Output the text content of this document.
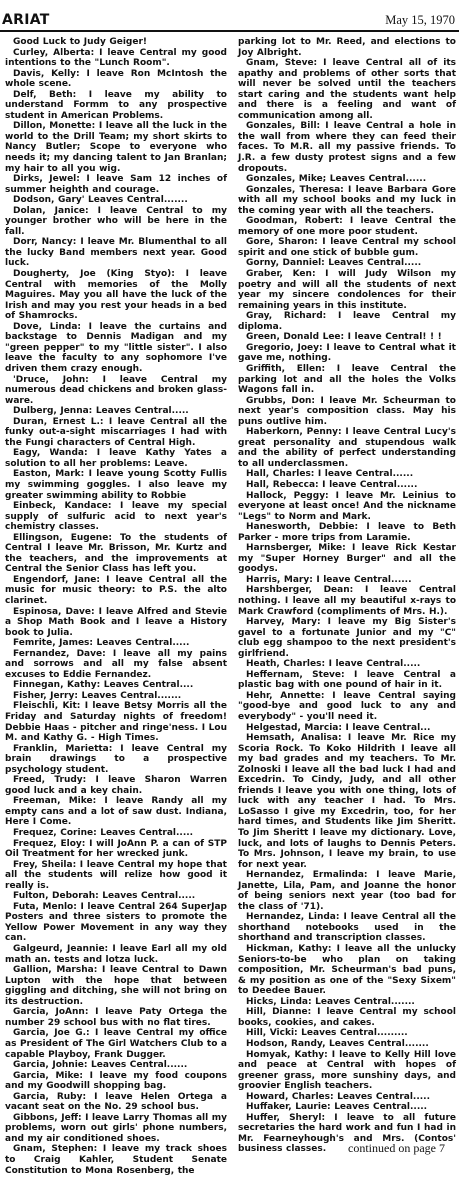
ARIAT	May 15, 1970

Good Luck to Judy Geiger!

Curley, Alberta: I leave Central my good intentions to the "Lunch Room".

Davis, Kelly: I leave Ron McIntosh the whole scene.

Delf, Beth: I leave my ability to understand Formm to any prospective student in American Problems.

Dillon, Monette: I leave all the luck in the world to the Drill Team; my short skirts to Nancy Butler; Scope to everyone who needs it; my dancing talent to Jan Branlan; my hair to all you wig.

Dirks, Jewel: I leave Sam 12 inches of summer heighth and courage.

Dodson, Gary' Leaves Central.......

Dolan, Janice: I leave Central to my younger brother who will be here in the fall.

Dorr, Nancy: I leave Mr. Blumenthal to all the lucky Band members next year. Good luck.

Dougherty, Joe (King Styo): I leave Central with memories of the Molly Maguires. May you all have the luck of the Irish and may you rest your heads in a bed of Shamrocks.

Dove, Linda: I leave the curtains and backstage to Dennis Madigan and my "green pepper" to my "little sister". I also leave the faculty to any sophomore I've driven them crazy enough.

'Druce, John: I leave Central my numerous dead chickens and broken glass-ware.

Dulberg, Jenna: Leaves Central.....

Duran, Ernest L.: I leave Central all the funky out-a-sight miscarriages I had with the Fungi characters of Central High.

Eagy, Wanda: I leave Kathy Yates a solution to all her problems: Leave.

Easton, Mark: I leave young Scotty Fullis my swimming goggles. I also leave my greater swimming ability to Robbie

Einbeck, Kandace: I leave my special supply of sulfuric acid to next year's chemistry classes.

Ellingson, Eugene: To the students of Central I leave Mr. Brisson, Mr. Kurtz and the teachers, and the improvements at Central the Senior Class has left you.

Engendorf, Jane: I leave Central all the music for music theory: to P.S. the alto clarinet.

Espinosa, Dave: I leave Alfred and Stevie a Shop Math Book and I leave a History book to Julia.

Femrite, James: Leaves Central.....

Fernandez, Dave: I leave all my pains and sorrows and all my false absent excuses to Eddie Fernandez.

Finnegan, Kathy: Leaves Central....

Fisher, Jerry: Leaves Central.......

Fleischli, Kit: I leave Betsy Morris all the Friday and Saturday nights of freedom! Debbie Haas - pitcher and ringe'ness. I Lou M. and Kathy G. - High Times.

Franklin, Marietta: I leave Central my brain drawings to a prospective psychology student.

Freed, Trudy: I leave Sharon Warren good luck and a key chain.

Freeman, Mike: I leave Randy all my empty cans and a lot of saw dust. Indiana, Here I Come.

Frequez, Corine: Leaves Central.....

Frequez, Eloy: I will JoAnn P. a can of STP Oil Treatment for her wrecked junk.

Frey, Sheila: I leave Central my hope that all the students will relize how good it really is.

Fulton, Deborah: Leaves Central.....

Futa, Menlo: I leave Central 264 SuperJap Posters and three sisters to promote the Yellow Power Movement in any way they can.

Galgeurd, Jeannie: I leave Earl all my old math an. tests and lotza luck.

Gallion, Marsha: I leave Central to Dawn Lupton with the hope that between giggling and ditching, she will not bring on its destruction.

Garcia, JoAnn: I leave Paty Ortega the number 29 school bus with no flat tires.

Garcia, Joe G.: I leave Central my office as President of The Girl Watchers Club to a capable Playboy, Frank Dugger.

Garcia, Johnie: Leaves Central......

Garcia, Mike: I leave my food coupons and my Goodwill shopping bag.

Garcia, Ruby: I leave Helen Ortega a vacant seat on the No. 29 school bus.

Gibbons, Jeff: I leave Larry Thomas all my problems, worn out girls' phone numbers, and my air conditioned shoes.

Gnam, Stephen: I leave my track shoes to Craig Kahler, Student Senate Constitution to Mona Rosenberg, the

parking lot to Mr. Reed, and elections to Joy Albright.

Gnam, Steve: I leave Central all of its apathy and problems of other sorts that will never be solved until the teachers start caring and the students want help and there is a feeling and want of communication among all.

Gonzales, Bill: I leave Central a hole in the wall from where they can feed their faces. To M.R. all my passive friends. To J.R. a few dusty protest signs and a few dropouts.

Gonzales, Mike; Leaves Central......

Gonzales, Theresa: I leave Barbara Gore with all my school books and my luck in the coming year with all the teachers.

Goodman, Robert: I leave Central the memory of one more poor student.

Gore, Sharon: I leave Central my school spirit and one stick of bubble gum.

Gorny, Danniel: Leaves Central.....

Graber, Ken: I will Judy Wilson my poetry and will all the students of next year my sincere condolences for their remaining years in this institute.

Gray, Richard: I leave Central my diploma.

Green, Donald Lee: I leave Central! ! !

Gregorio, Joey: I leave to Central what it gave me, nothing.

Griffith, Ellen: I leave Central the parking lot and all the holes the Volks Wagons fall in.

Grubbs, Don: I leave Mr. Scheurman to next year's composition class. May his puns outlive him.

Haberkorn, Penny: I leave Central Lucy's great personality and stupendous walk and the ability of perfect understanding to all underclassmen.

Hall, Charles: I leave Central......

Hall, Rebecca: I leave Central......

Hallock, Peggy: I leave Mr. Leinius to everyone at least once! And the nickname "Legs" to Norm and Mark.

Hanesworth, Debbie: I leave to Beth Parker - more trips from Laramie.

Harnsberger, Mike: I leave Rick Kestar my "Super Horney Burger" and all the goodys.

Harris, Mary: I leave Central......

Harshberger, Dean: I leave Central nothing. I leave all my beautiful x-rays to Mark Crawford (compliments of Mrs. H.).

Harvey, Mary: I leave my Big Sister's gavel to a fortunate Junior and my "C" club egg shampoo to the next president's girlfriend.

Heath, Charles: I leave Central.....

Heffernam, Steve: I leave Central a plastic bag with one pound of hair in it.

Hehr, Annette: I leave Central saying "good-bye and good luck to any and everybody" - you'll need it.

Helgestad, Marcia: I leave Central...

Hemsath, Analisa: I leave Mr. Rice my Scoria Rock. To Koko Hildrith I leave all my bad grades and my teachers. To Mr. Zolnoski I leave all the bad luck I had and Excedrin. To Cindy, Judy, and all other friends I leave you with one thing, lots of luck with any teacher I had. To Mrs. LoSasso I give my Excedrin, too, for her hard times, and Students like Jim Sheritt. To Jim Sheritt I leave my dictionary. Love, luck, and lots of laughs to Dennis Peters. To Mrs. Johnson, I leave my brain, to use for next year.

Hernandez, Ermalinda: I leave Marie, Janette, Lila, Pam, and Joanne the honor of being seniors next year (too bad for the class of '71).

Hernandez, Linda: I leave Central all the shorthand notebooks used in the shorthand and transcription classes.

Hickman, Kathy: I leave all the unlucky Seniors-to-be who plan on taking composition, Mr. Scheurman's bad puns, & my position as one of the "Sexy Sixem" to Deedee Bauer.

Hicks, Linda: Leaves Central.......

Hill, Dianne: I leave Central my school books, cookies, and cakes.

Hill, Vicki: Leaves Central.........

Hodson, Randy, Leaves Central.......

Homyak, Kathy: I leave to Kelly Hill love and peace at Central with hopes of greener grass, more sunshiny days, and groovier English teachers.

Howard, Charles: Leaves Central.....

Huffaker, Laurie: Leaves Central.....

Huffer, Sheryl: I leave to all future secretaries the hard work and fun I had in Mr. Fearneyhough's and Mrs. (Contos' business classes.	continued on page 7
